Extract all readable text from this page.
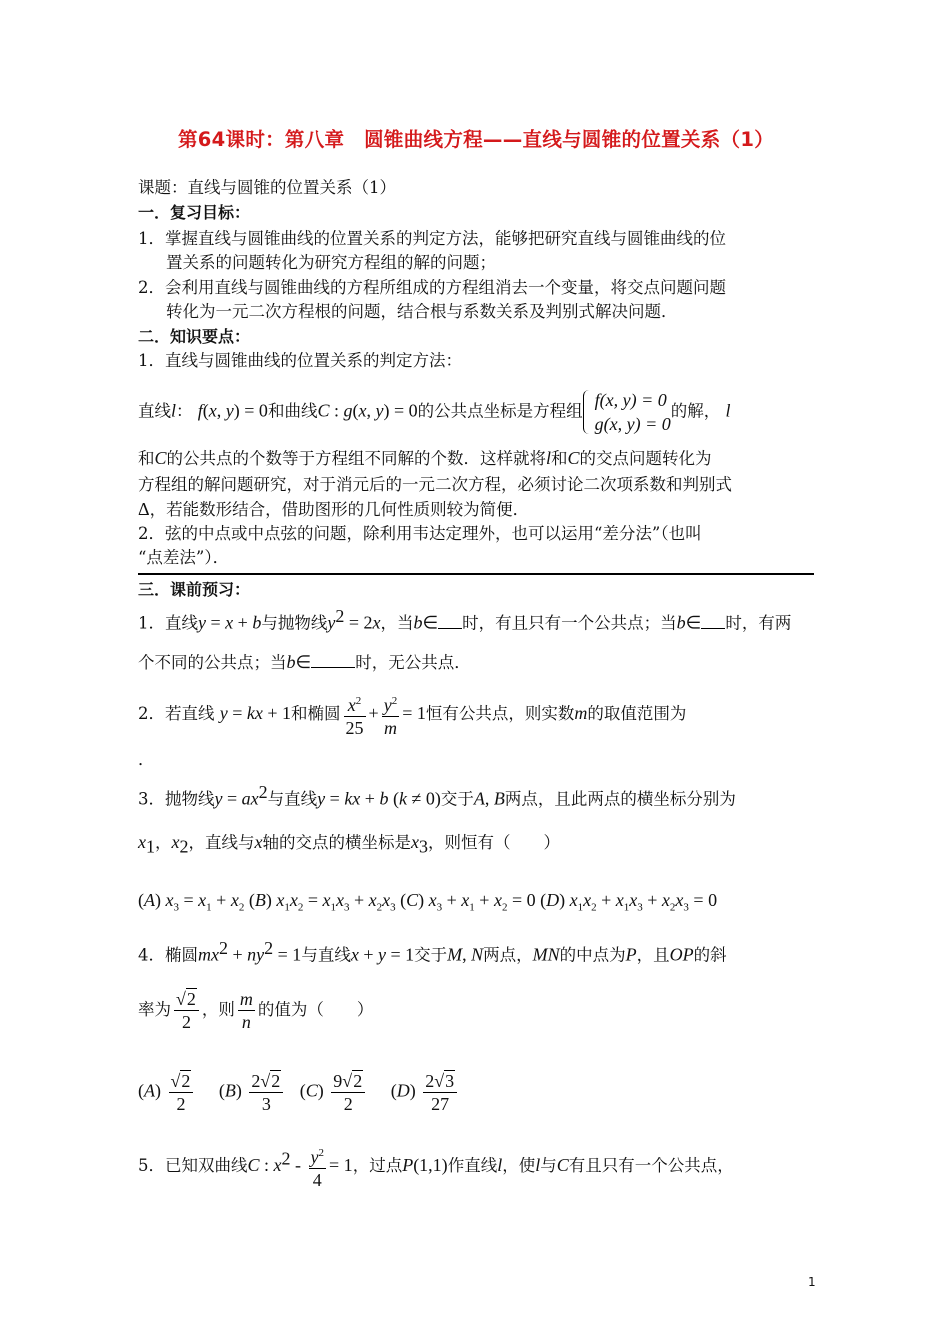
第64课时：第八章　圆锥曲线方程——直线与圆锥的位置关系（1）
课题：直线与圆锥的位置关系（1）
一．复习目标：
1．掌握直线与圆锥曲线的位置关系的判定方法，能够把研究直线与圆锥曲线的位
置关系的问题转化为研究方程组的解的问题；
2．会利用直线与圆锥曲线的方程所组成的方程组消去一个变量，将交点问题问题
转化为一元二次方程根的问题，结合根与系数关系及判别式解决问题．
二．知识要点：
1．直线与圆锥曲线的位置关系的判定方法：
直线l： f(x, y) = 0和曲线C : g(x, y) = 0的公共点坐标是方程组
f(x, y) = 0
g(x, y) = 0
的解， l
和C的公共点的个数等于方程组不同解的个数．这样就将l和C的交点问题转化为
方程组的解问题研究，对于消元后的一元二次方程，必须讨论二次项系数和判别式
Δ，若能数形结合，借助图形的几何性质则较为简便．
2．弦的中点或中点弦的问题，除利用韦达定理外，也可以运用“差分法”（也叫
“点差法”）．
三．课前预习：
1．直线y = x + b与抛物线$y^2 = 2x$，当b∈ 时，有且只有一个公共点；当b∈ 时，有两
个不同的公共点；当b∈	时，无公共点．
2．若直线 y = kx + 1和椭圆 $\frac{x^2}{25} + \frac{y^2}{m} = 1$恒有公共点，则实数m的取值范围为
．
3．抛物线$y = ax^2$与直线y = kx + b (k ≠ 0)交于A, B两点，且此两点的横坐标分别为
$x_1$，$x_2$，直线与x轴的交点的横坐标是$x_3$，则恒有（　　）
(A) $x_3 = x_1 + x_2$ (B) $x_1x_2 = x_1x_3 + x_2x_3$ (C) $x_3 + x_1 + x_2 = 0$ (D) $x_1x_2 + x_1x_3 + x_2x_3 = 0$
4．椭圆$mx^2 + ny^2 = 1$与直线x + y = 1交于M, N两点，MN的中点为P，且OP的斜
率为 $\frac{√2}{2}$ ，则 $\frac{m}{n}$ 的值为（　　）
$(A) \frac{√2}{2} (B) \frac{2√2}{3} (C) \frac{9√2}{2} (D) \frac{2√3}{27}$
5．已知双曲线C : $x^2 - \frac{y^2}{4} = 1$，过点P(1,1)作直线l，使l与C有且只有一个公共点，
1
